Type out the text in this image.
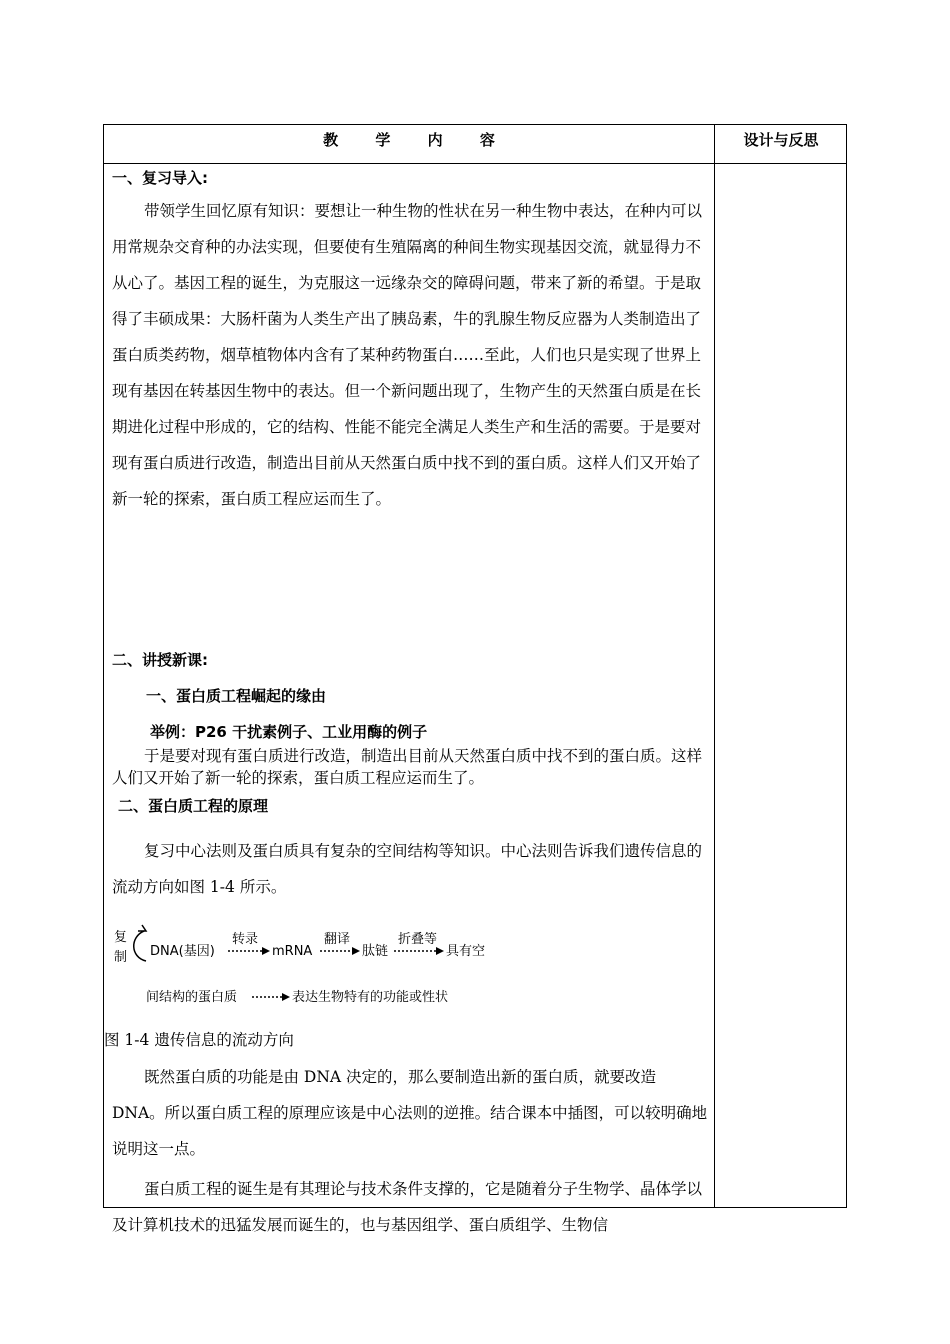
教 学 内 容	设计与反思
一、复习导入:

带领学生回忆原有知识：要想让一种生物的性状在另一种生物中表达，在种内可以用常规杂交育种的办法实现，但要使有生殖隔离的种间生物实现基因交流，就显得力不从心了。基因工程的诞生，为克服这一远缘杂交的障碍问题，带来了新的希望。于是取得了丰硕成果：大肠杆菌为人类生产出了胰岛素，牛的乳腺生物反应器为人类制造出了蛋白质类药物，烟草植物体内含有了某种药物蛋白……至此，人们也只是实现了世界上现有基因在转基因生物中的表达。但一个新问题出现了，生物产生的天然蛋白质是在长期进化过程中形成的，它的结构、性能不能完全满足人类生产和生活的需要。于是要对现有蛋白质进行改造，制造出目前从天然蛋白质中找不到的蛋白质。这样人们又开始了新一轮的探索，蛋白质工程应运而生了。

二、讲授新课:
一、蛋白质工程崛起的缘由
举例：P26 干扰素例子、工业用酶的例子

于是要对现有蛋白质进行改造，制造出目前从天然蛋白质中找不到的蛋白质。这样人们又开始了新一轮的探索，蛋白质工程应运而生了。

二、蛋白质工程的原理

复习中心法则及蛋白质具有复杂的空间结构等知识。中心法则告诉我们遗传信息的流动方向如图 1-4 所示。

复
制 DNA(基因)
转录
mRNA
翻译
肽链
折叠等
具有空
间结构的蛋白质	表达生物特有的功能或性状
图 1-4 遗传信息的流动方向

既然蛋白质的功能是由 DNA 决定的，那么要制造出新的蛋白质，就要改造 DNA。所以蛋白质工程的原理应该是中心法则的逆推。结合课本中插图，可以较明确地说明这一点。

蛋白质工程的诞生是有其理论与技术条件支撑的，它是随着分子生物学、晶体学以及计算机技术的迅猛发展而诞生的，也与基因组学、蛋白质组学、生物信
